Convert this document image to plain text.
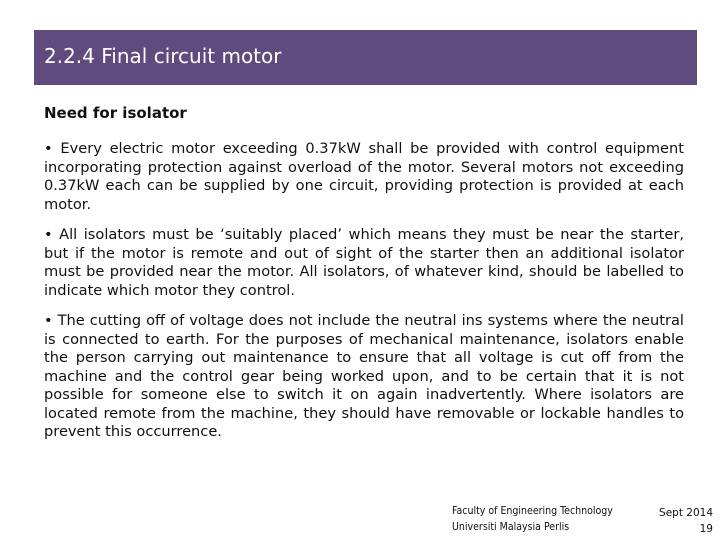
2.2.4 Final circuit motor
Need for isolator

• Every electric motor exceeding 0.37kW shall be provided with control equipment incorporating protection against overload of the motor. Several motors not exceeding 0.37kW each can be supplied by one circuit, providing protection is provided at each motor.

• All isolators must be ‘suitably placed’ which means they must be near the starter, but if the motor is remote and out of sight of the starter then an additional isolator must be provided near the motor. All isolators, of whatever kind, should be labelled to indicate which motor they control.

• The cutting off of voltage does not include the neutral ins systems where the neutral is connected to earth. For the purposes of mechanical maintenance, isolators enable the person carrying out maintenance to ensure that all voltage is cut off from the machine and the control gear being worked upon, and to be certain that it is not possible for someone else to switch it on again inadvertently. Where isolators are located remote from the machine, they should have removable or lockable handles to prevent this occurrence.

Faculty of Engineering Technology
Universiti Malaysia Perlis
Sept 2014
19
